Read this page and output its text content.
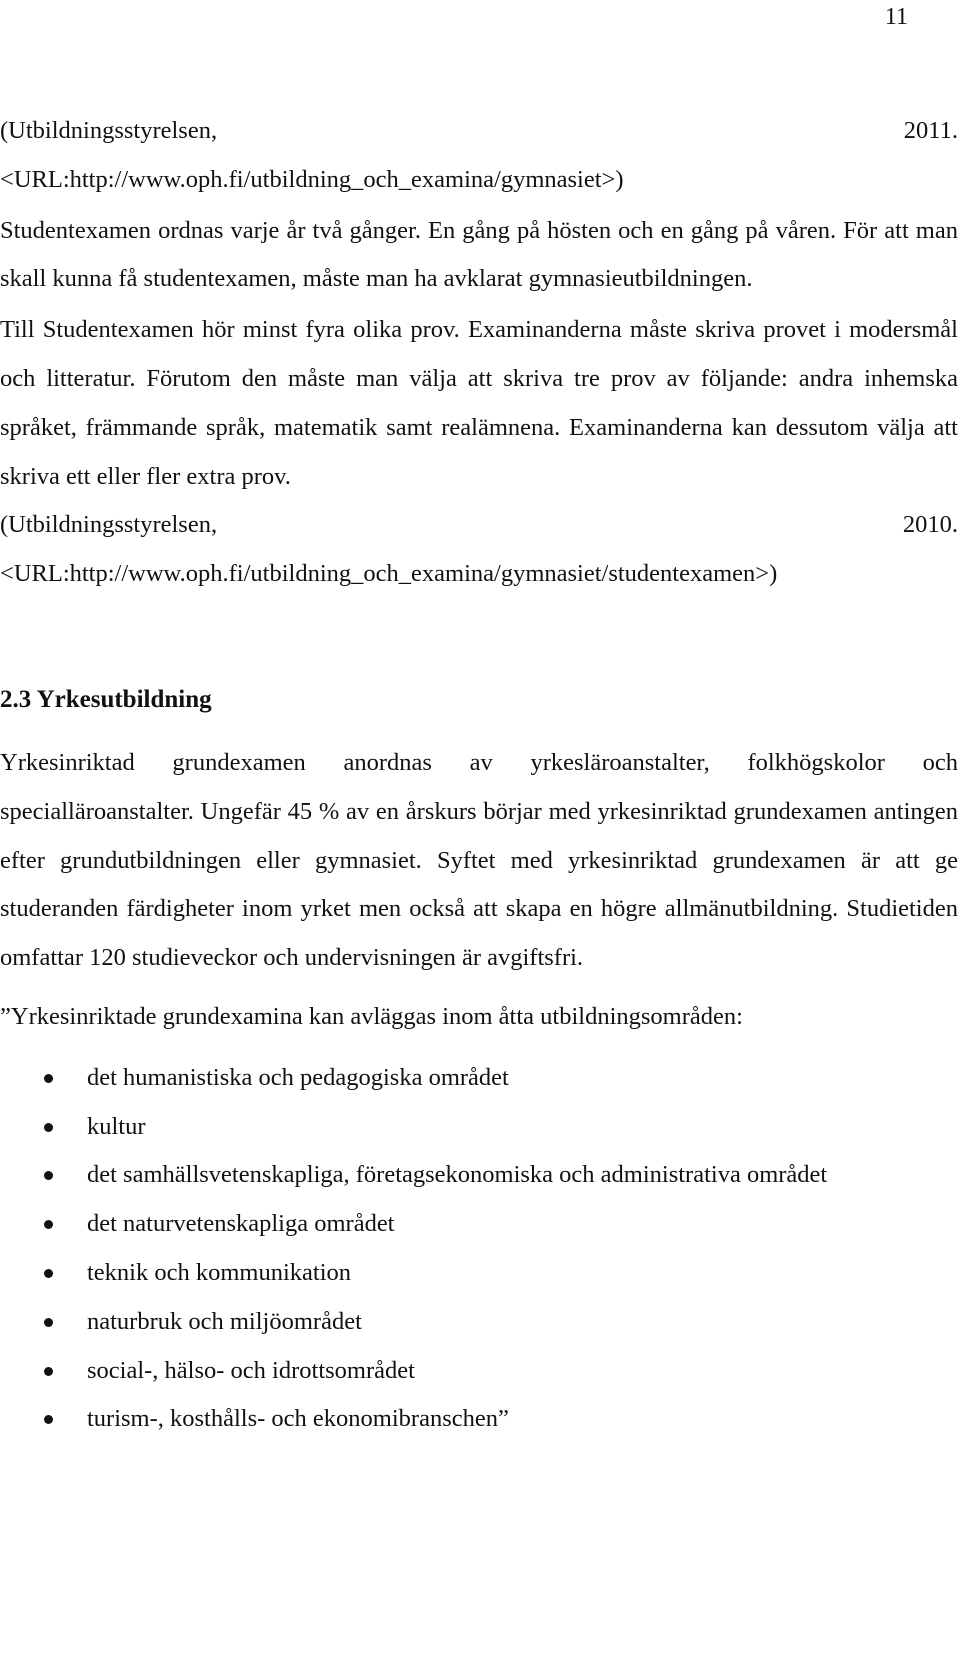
11
(Utbildningsstyrelsen,	2011.
<URL:http://www.oph.fi/utbildning_och_examina/gymnasiet>)

Studentexamen ordnas varje år två gånger. En gång på hösten och en gång på våren. För att man skall kunna få studentexamen, måste man ha avklarat gymnasieutbildningen.

Till Studentexamen hör minst fyra olika prov. Examinanderna måste skriva provet i modersmål och litteratur. Förutom den måste man välja att skriva tre prov av följande: andra inhemska språket, främmande språk, matematik samt realämnena. Examinanderna kan dessutom välja att skriva ett eller fler extra prov.

(Utbildningsstyrelsen,	2010.
<URL:http://www.oph.fi/utbildning_och_examina/gymnasiet/studentexamen>)
2.3 Yrkesutbildning

Yrkesinriktad grundexamen anordnas av yrkesläroanstalter, folkhögskolor och specialläroanstalter. Ungefär 45 % av en årskurs börjar med yrkesinriktad grundexamen antingen efter grundutbildningen eller gymnasiet. Syftet med yrkesinriktad grundexamen är att ge studeranden färdigheter inom yrket men också att skapa en högre allmänutbildning. Studietiden omfattar 120 studieveckor och undervisningen är avgiftsfri.

”Yrkesinriktade grundexamina kan avläggas inom åtta utbildningsområden:
det humanistiska och pedagogiska området
kultur
det samhällsvetenskapliga, företagsekonomiska och administrativa området
det naturvetenskapliga området
teknik och kommunikation
naturbruk och miljöområdet
social-, hälso- och idrottsområdet
turism-, kosthålls- och ekonomibranschen”
